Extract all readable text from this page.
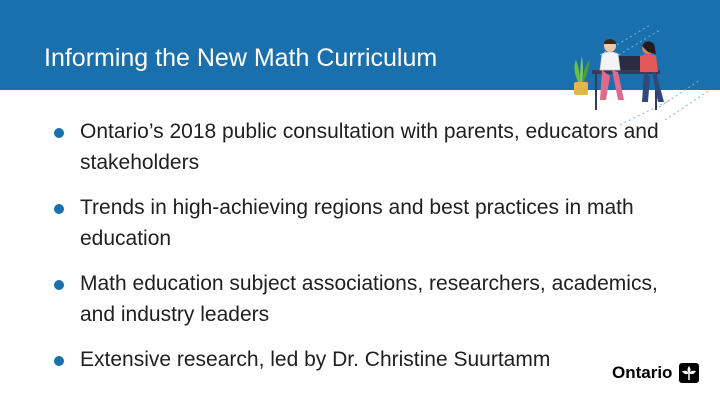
Informing the New Math Curriculum
Ontario’s 2018 public consultation with parents, educators and stakeholders
Trends in high-achieving regions and best practices in math education
Math education subject associations, researchers, academics, and industry leaders
Extensive research, led by Dr. Christine Suurtamm
Ontario
